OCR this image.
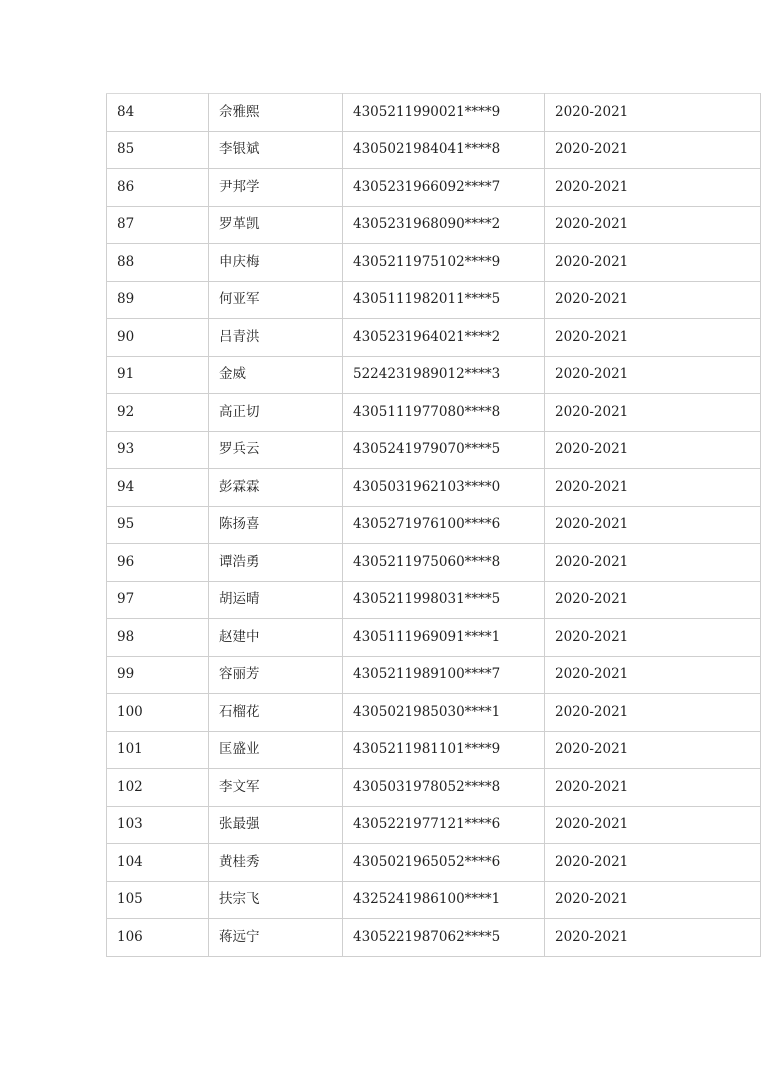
84	佘雅熙	4305211990021****9	2020-2021
85	李银斌	4305021984041****8	2020-2021
86	尹邦学	4305231966092****7	2020-2021
87	罗革凯	4305231968090****2	2020-2021
88	申庆梅	4305211975102****9	2020-2021
89	何亚军	4305111982011****5	2020-2021
90	吕青洪	4305231964021****2	2020-2021
91	金威	5224231989012****3	2020-2021
92	高正切	4305111977080****8	2020-2021
93	罗兵云	4305241979070****5	2020-2021
94	彭霖霖	4305031962103****0	2020-2021
95	陈扬喜	4305271976100****6	2020-2021
96	谭浩勇	4305211975060****8	2020-2021
97	胡运晴	4305211998031****5	2020-2021
98	赵建中	4305111969091****1	2020-2021
99	容丽芳	4305211989100****7	2020-2021
100	石榴花	4305021985030****1	2020-2021
101	匡盛业	4305211981101****9	2020-2021
102	李文军	4305031978052****8	2020-2021
103	张最强	4305221977121****6	2020-2021
104	黄桂秀	4305021965052****6	2020-2021
105	扶宗飞	4325241986100****1	2020-2021
106	蒋远宁	4305221987062****5	2020-2021
